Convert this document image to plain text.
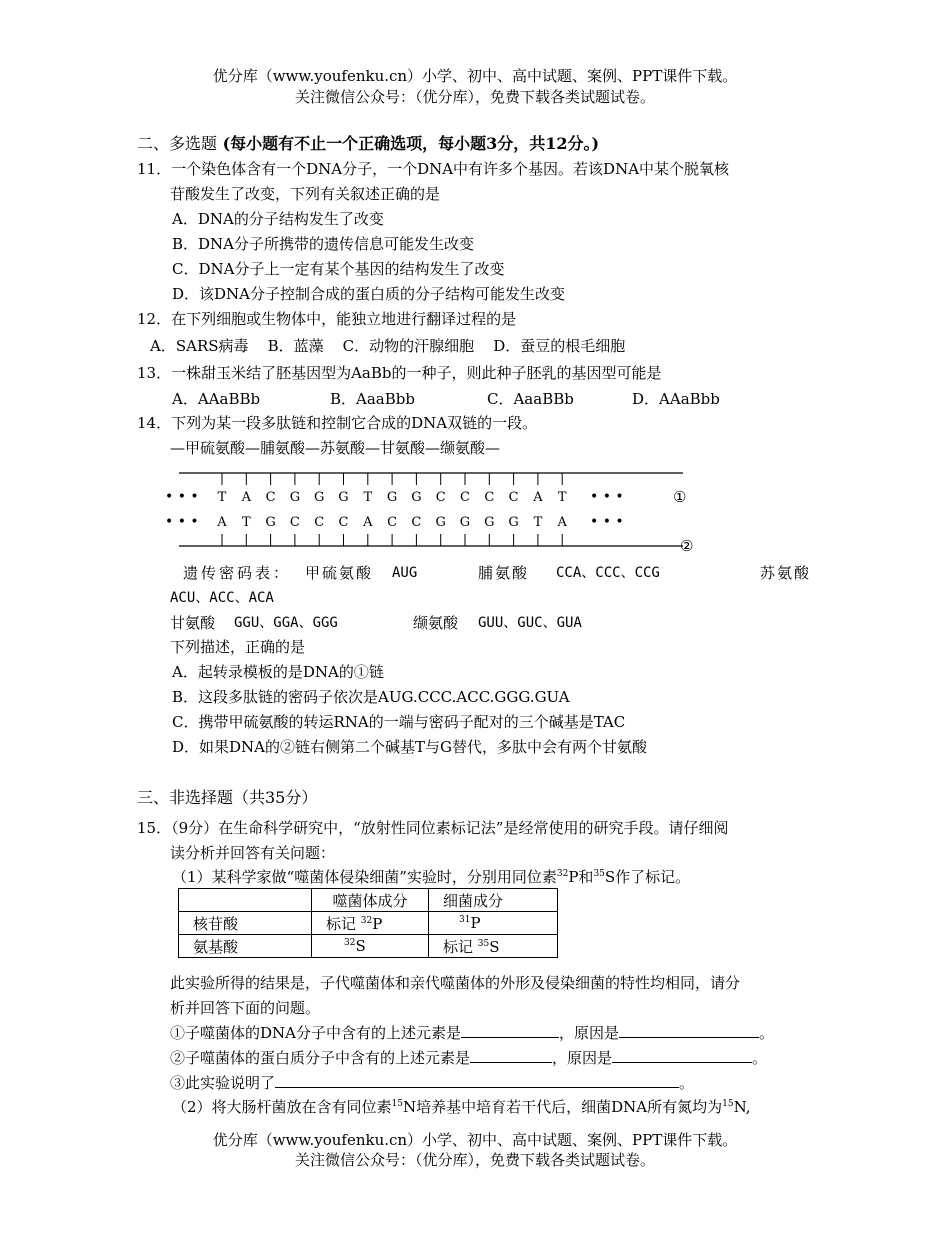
优分库（www.youfenku.cn）小学、初中、高中试题、案例、PPT课件下载。
关注微信公众号：（优分库），免费下载各类试题试卷。
二、多选题 (每小题有不止一个正确选项，每小题3分，共12分。)
11．一个染色体含有一个DNA分子，一个DNA中有许多个基因。若该DNA中某个脱氧核
苷酸发生了改变，下列有关叙述正确的是
A．DNA的分子结构发生了改变
B．DNA分子所携带的遗传信息可能发生改变
C．DNA分子上一定有某个基因的结构发生了改变
D．该DNA分子控制合成的蛋白质的分子结构可能发生改变
12．在下列细胞或生物体中，能独立地进行翻译过程的是
A．SARS病毒    B．蓝藻    C．动物的汗腺细胞    D．蚕豆的根毛细胞
13．一株甜玉米结了胚基因型为AaBb的一种子，则此种子胚乳的基因型可能是
A．AAaBBb	B．AaaBbb	C．AaaBBb	D．AAaBbb
14．下列为某一段多肽链和控制它合成的DNA双链的一段。
—甲硫氨酸—脯氨酸—苏氨酸—甘氨酸—缬氨酸—
• • •
• • •
T A C G G G T G G C C C C A T
A T G C C C A C C G G G G T A
• • •
• • •
①
②
遗传密码表： 甲硫氨酸 AUG	脯氨酸 CCA、CCC、CCG	苏氨酸
ACU、ACC、ACA
甘氨酸 GGU、GGA、GGG	缬氨酸 GUU、GUC、GUA
下列描述，正确的是
A．起转录模板的是DNA的①链
B．这段多肽链的密码子依次是AUG.CCC.ACC.GGG.GUA
C．携带甲硫氨酸的转运RNA的一端与密码子配对的三个碱基是TAC
D．如果DNA的②链右侧第二个碱基T与G替代，多肽中会有两个甘氨酸
三、非选择题（共35分）
15．（9分）在生命科学研究中，“放射性同位素标记法”是经常使用的研究手段。请仔细阅
读分析并回答有关问题：
（1）某科学家做“噬菌体侵染细菌”实验时，分别用同位素$^{32}$P和$^{35}$S作了标记。
	噬菌体成分	细菌成分
核苷酸	标记 $^{32}$P	$^{31}$P
氨基酸	$^{32}$S	标记 $^{35}$S
此实验所得的结果是，子代噬菌体和亲代噬菌体的外形及侵染细菌的特性均相同，请分
析并回答下面的问题。
①子噬菌体的DNA分子中含有的上述元素是	，原因是	。
②子噬菌体的蛋白质分子中含有的上述元素是	，原因是	。
③此实验说明了	。
（2）将大肠杆菌放在含有同位素$^{15}$N培养基中培育若干代后，细菌DNA所有氮均为$^{15}$N,
优分库（www.youfenku.cn）小学、初中、高中试题、案例、PPT课件下载。
关注微信公众号：（优分库），免费下载各类试题试卷。
